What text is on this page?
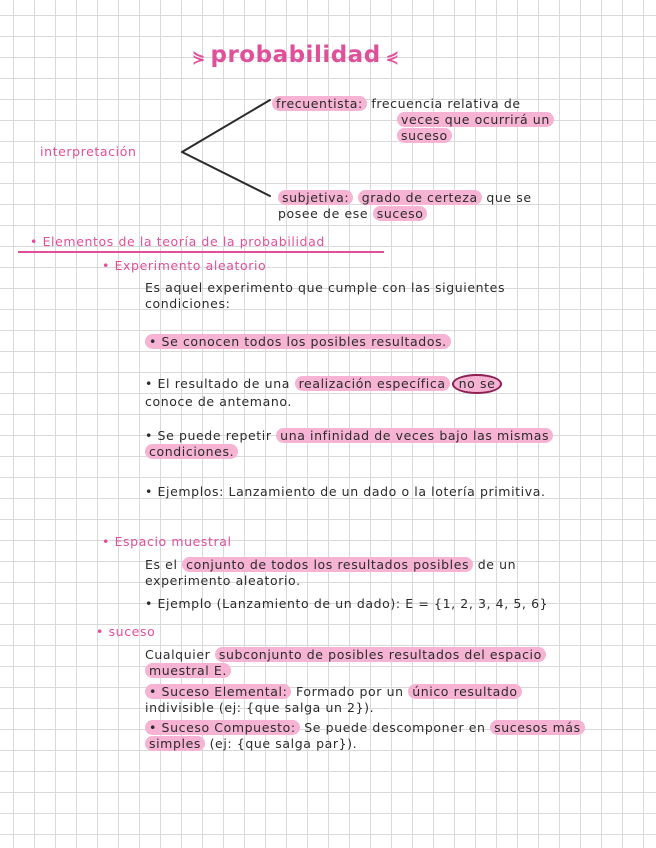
⋟ probabilidad ⋞
interpretación
frecuentista: frecuencia relativa de
veces que ocurrirá un
suceso
subjetiva: grado de certeza que se
posee de ese suceso
• Elementos de la teoría de la probabilidad
• Experimento aleatorio
Es aquel experimento que cumple con las siguientes condiciones:
• Se conocen todos los posibles resultados.
• El resultado de una realización específica no se
conoce de antemano.
• Se puede repetir una infinidad de veces bajo las mismas condiciones.
• Ejemplos: Lanzamiento de un dado o la lotería primitiva.
• Espacio muestral
Es el conjunto de todos los resultados posibles de un experimento aleatorio.
• Ejemplo (Lanzamiento de un dado): E = {1, 2, 3, 4, 5, 6}
• suceso
Cualquier subconjunto de posibles resultados del espacio muestral E.
• Suceso Elemental: Formado por un único resultado indivisible (ej: {que salga un 2}).
• Suceso Compuesto: Se puede descomponer en sucesos más simples (ej: {que salga par}).
